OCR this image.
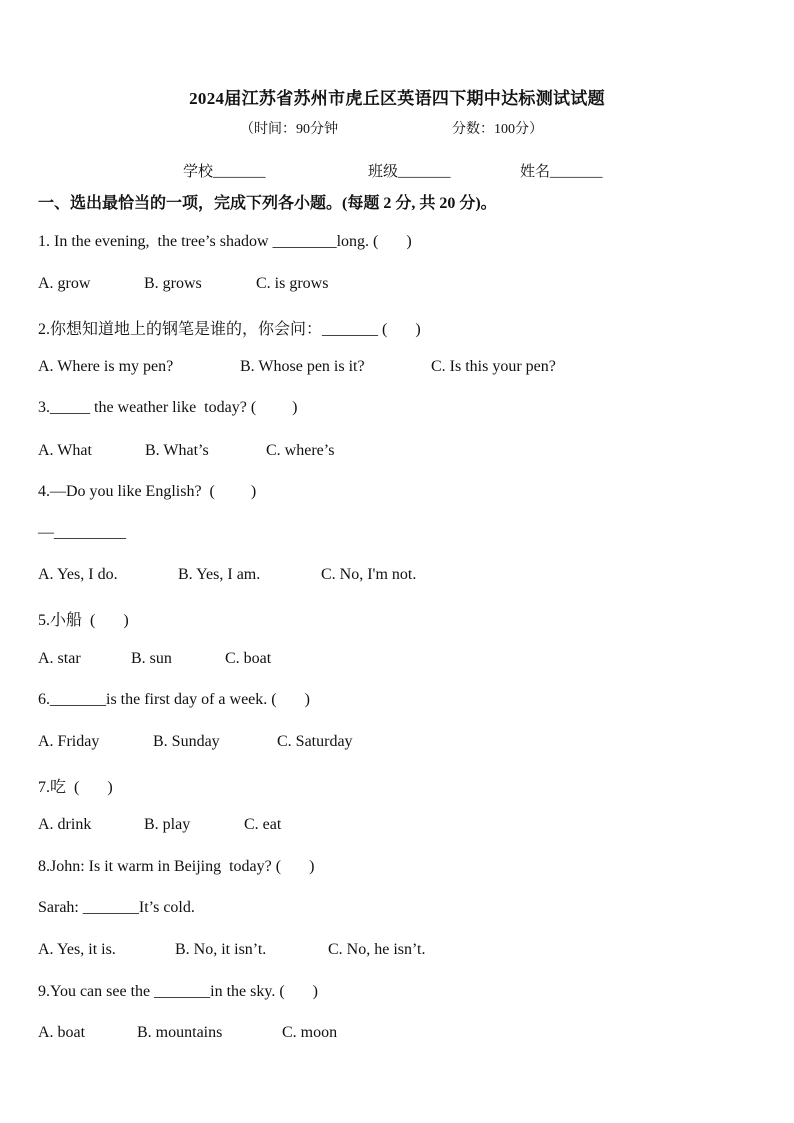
2024届江苏省苏州市虎丘区英语四下期中达标测试试题
（时间：90分钟	分数：100分）
学校_______	班级_______	姓名_______
一、选出最恰当的一项，完成下列各小题。(每题 2 分, 共 20 分)。
1. In the evening,  the tree’s shadow ________long. (       )
A. grow	B. grows	C. is grows
2.你想知道地上的钢笔是谁的，你会问：_______ (       )
A. Where is my pen?	B. Whose pen is it?	C. Is this your pen?
3._____ the weather like  today? (         )
A. What	B. What’s	C. where’s
4.—Do you like English?  (         )
—_________
A. Yes, I do.	B. Yes, I am.	C. No, I'm not.
5.小船  (       )
A. star	B. sun	C. boat
6._______is the first day of a week. (       )
A. Friday	B. Sunday	C. Saturday
7.吃  (       )
A. drink	B. play	C. eat
8.John: Is it warm in Beijing  today? (       )
Sarah: _______It’s cold.
A. Yes, it is.	B. No, it isn’t.	C. No, he isn’t.
9.You can see the _______in the sky. (       )
A. boat	B. mountains	C. moon
